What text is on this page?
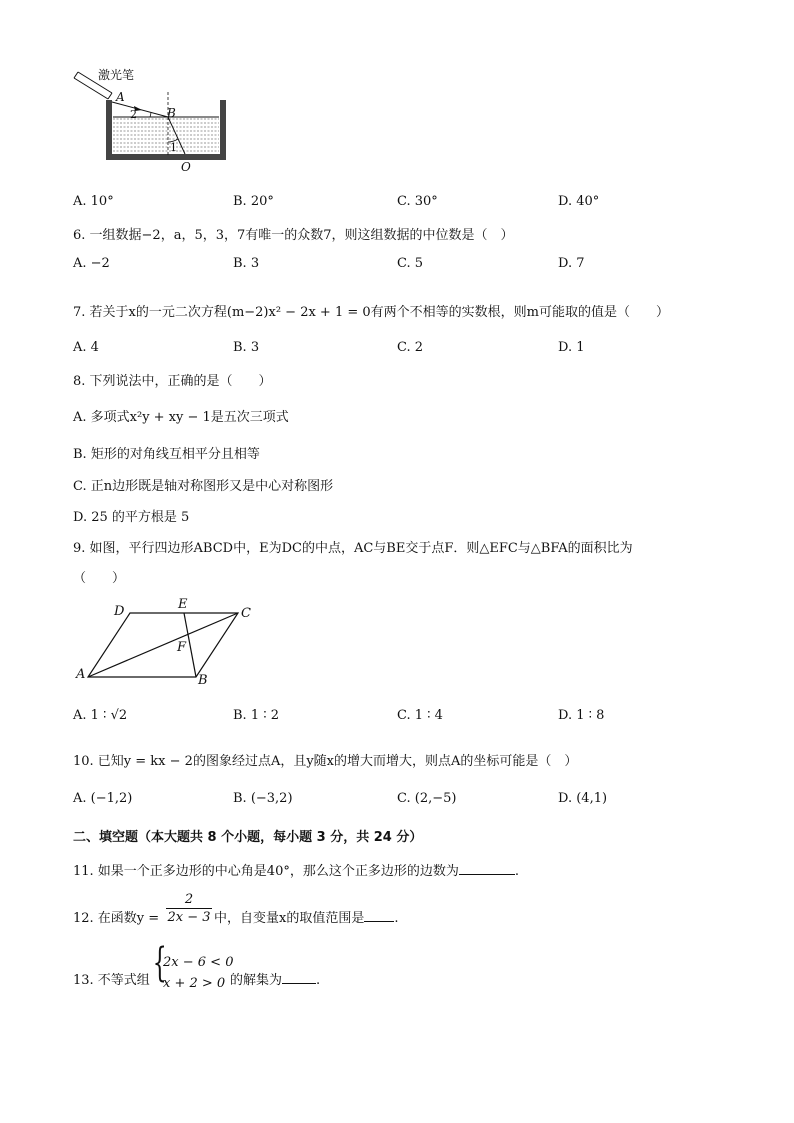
激光笔
A
B
2
1
O
A. 10°	B. 20°	C. 30°	D. 40°
6. 一组数据−2，a，5，3，7有唯一的众数7，则这组数据的中位数是（　）
A. −2	B. 3	C. 5	D. 7
7. 若关于x的一元二次方程(m−2)x² − 2x + 1 = 0有两个不相等的实数根，则m可能取的值是（　　）
A. 4	B. 3	C. 2	D. 1
8. 下列说法中，正确的是（　　）
A. 多项式x²y + xy − 1是五次三项式
B. 矩形的对角线互相平分且相等
C. 正n边形既是轴对称图形又是中心对称图形
D. 25 的平方根是 5
9. 如图，平行四边形ABCD中，E为DC的中点，AC与BE交于点F．则△EFC与△BFA的面积比为
（　　）
D	E
C
F
A	B
A. 1 ∶ √2	B. 1 ∶ 2	C. 1 ∶ 4	D. 1 ∶ 8
10. 已知y = kx − 2的图象经过点A，且y随x的增大而增大，则点A的坐标可能是（　）
A. (−1,2)	B. (−3,2)	C. (2,−5)	D. (4,1)
二、填空题（本大题共 8 个小题，每小题 3 分，共 24 分）
11. 如果一个正多边形的中心角是40°，那么这个正多边形的边数为	.
12. 在函数$y = \frac{2}{2x - 3}$ 中，自变量x的取值范围是 .
13. 不等式组 {
2x − 6 < 0
x + 2 > 0 的解集为	.
